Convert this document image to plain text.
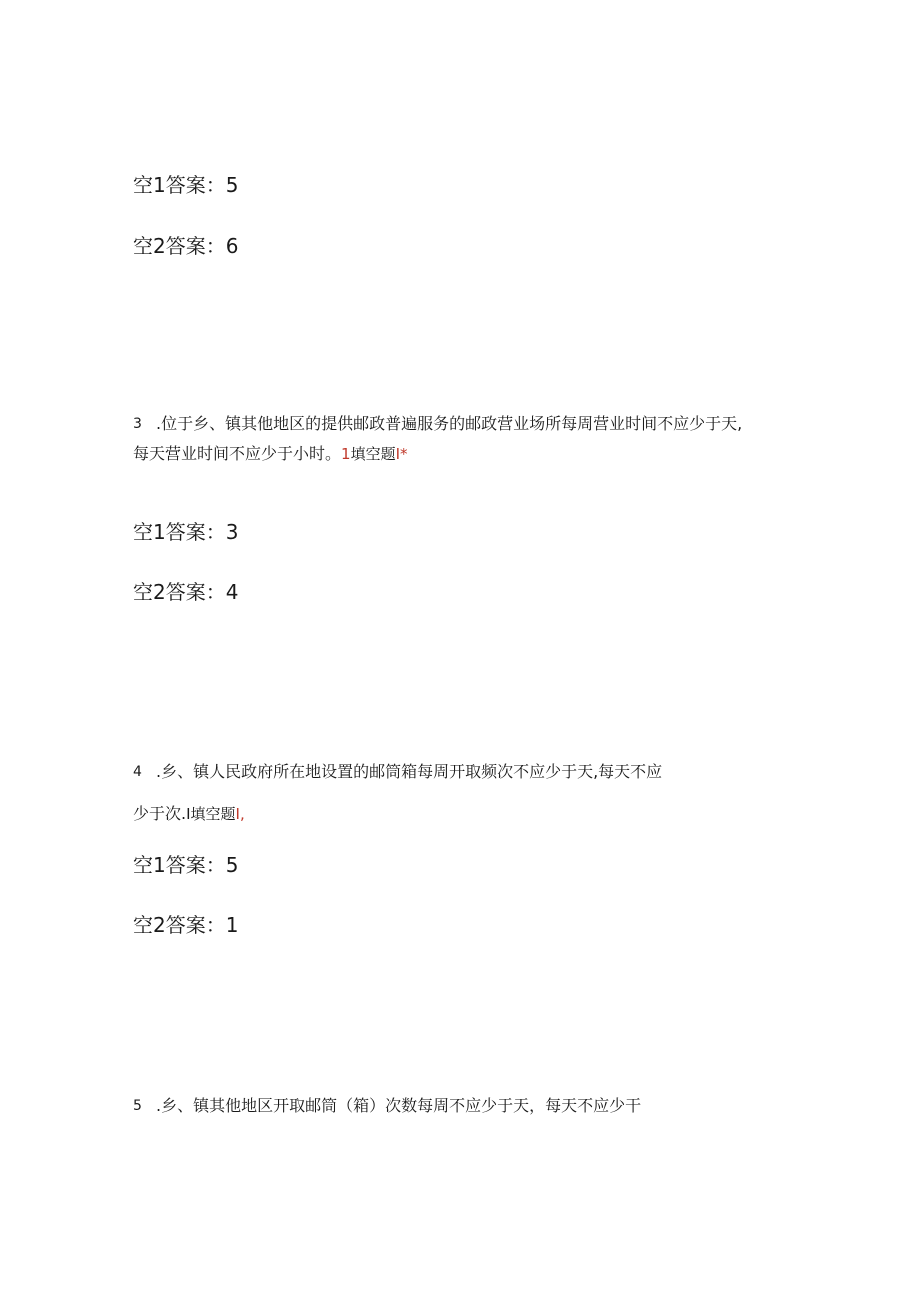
空1答案：5
空2答案：6
3 .位于乡、镇其他地区的提供邮政普遍服务的邮政营业场所每周营业时间不应少于天,
每天营业时间不应少于小时。1填空题I*
空1答案：3
空2答案：4
4 .乡、镇人民政府所在地设置的邮筒箱每周开取频次不应少于天,每天不应
少于次.I填空题I,
空1答案：5
空2答案：1
5 .乡、镇其他地区开取邮筒（箱）次数每周不应少于天，每天不应少干
